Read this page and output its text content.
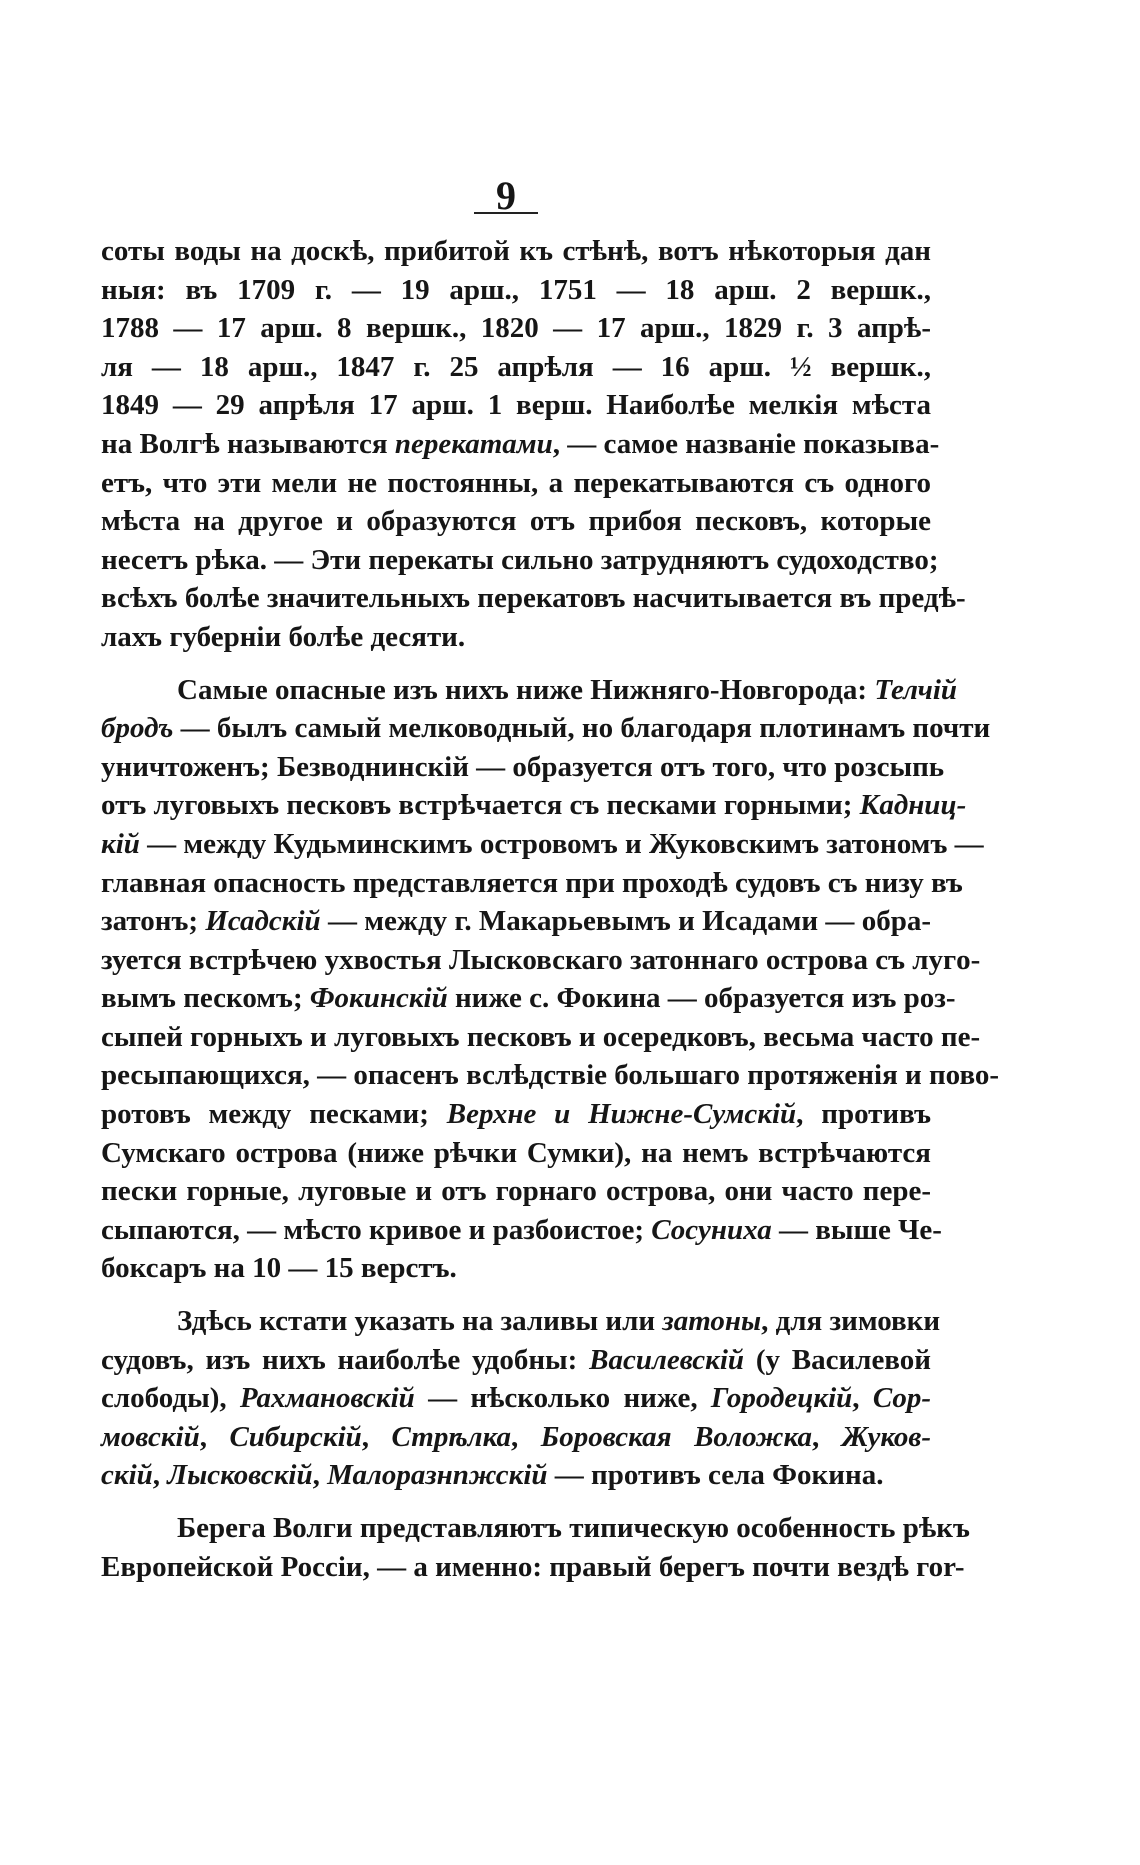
9
соты воды на доскѣ, прибитой къ стѣнѣ, вотъ нѣкоторыя дан
ныя: въ 1709 г. — 19 арш., 1751 — 18 арш. 2 вершк.,
1788 — 17 арш. 8 вершк., 1820 — 17 арш., 1829 г. 3 апрѣ-
ля — 18 арш., 1847 г. 25 апрѣля — 16 арш. ½ вершк.,
1849 — 29 апрѣля 17 арш. 1 верш. Наиболѣе мелкія мѣста
на Волгѣ называются перекатами, — самое названіе показыва-
етъ, что эти мели не постоянны, а перекатываются съ одного
мѣста на другое и образуются отъ прибоя песковъ, которые
несетъ рѣка. — Эти перекаты сильно затрудняютъ судоходство;
всѣхъ болѣе значительныхъ перекатовъ насчитывается въ предѣ-
лахъ губерніи болѣе десяти.
Самые опасные изъ нихъ ниже Нижняго-Новгорода: Телчій
бродъ — былъ самый мелководный, но благодаря плотинамъ почти
уничтоженъ; Безводнинскій — образуется отъ того, что розсыпь
отъ луговыхъ песковъ встрѣчается съ песками горными; Кадниц-
кій — между Кудьминскимъ островомъ и Жуковскимъ затономъ —
главная опасность представляется при проходѣ судовъ съ низу въ
затонъ; Исадскій — между г. Макарьевымъ и Исадами — обра-
зуется встрѣчею ухвостья Лысковскаго затоннаго острова съ лугo-
вымъ пескомъ; Фокинскій ниже с. Фокина — образуется изъ роз-
сыпей горныхъ и луговыхъ песковъ и осередковъ, весьма часто пе-
ресыпающихся, — опасенъ вслѣдствіе большаго протяженія и пово-
ротовъ между песками; Верхне и Нижне-Сумскій, противъ
Сумскаго острова (ниже рѣчки Сумки), на немъ встрѣчаются
пески горные, луговые и отъ горнаго острова, они часто пере-
сыпаются, — мѣсто кривое и разбоистое; Сосуниха — выше Че-
боксаръ на 10 — 15 верстъ.
Здѣсь кстати указать на заливы или затоны, для зимовки
судовъ, изъ нихъ наиболѣе удобны: Василевскій (у Василевой
слободы), Рахмановскій — нѣсколько ниже, Городецкій, Сор-
мовскій, Сибирскій, Стрѣлка, Боровская Воложка, Жуков-
скій, Лысковскій, Малоразнпжскій — противъ села Фокина.
Берега Волги представляютъ типическую особенность рѣкъ
Европейской Россіи, — а именно: правый берегъ почти вездѣ гоr-
